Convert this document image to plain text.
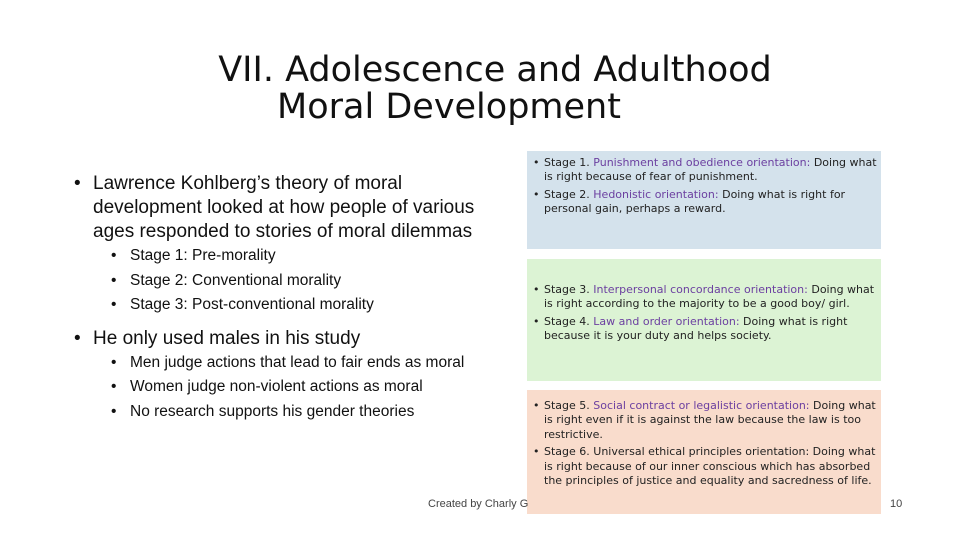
VII. Adolescence and Adulthood
Moral Development
• Lawrence Kohlberg’s theory of moral development looked at how people of various ages responded to stories of moral dilemmas
• Stage 1: Pre-morality
• Stage 2: Conventional morality
• Stage 3: Post-conventional morality
• He only used males in his study
• Men judge actions that lead to fair ends as moral
• Women judge non-violent actions as moral
• No research supports his gender theories
• Stage 1. Punishment and obedience orientation: Doing what is right because of fear of punishment.
• Stage 2. Hedonistic orientation: Doing what is right for personal gain, perhaps a reward.
• Stage 3. Interpersonal concordance orientation: Doing what is right according to the majority to be a good boy/ girl.
• Stage 4. Law and order orientation: Doing what is right because it is your duty and helps society.
• Stage 5. Social contract or legalistic orientation: Doing what is right even if it is against the law because the law is too restrictive.
• Stage 6. Universal ethical principles orientation: Doing what is right because of our inner conscious which has absorbed the principles of justice and equality and sacredness of life.
Created by Charly G	10
